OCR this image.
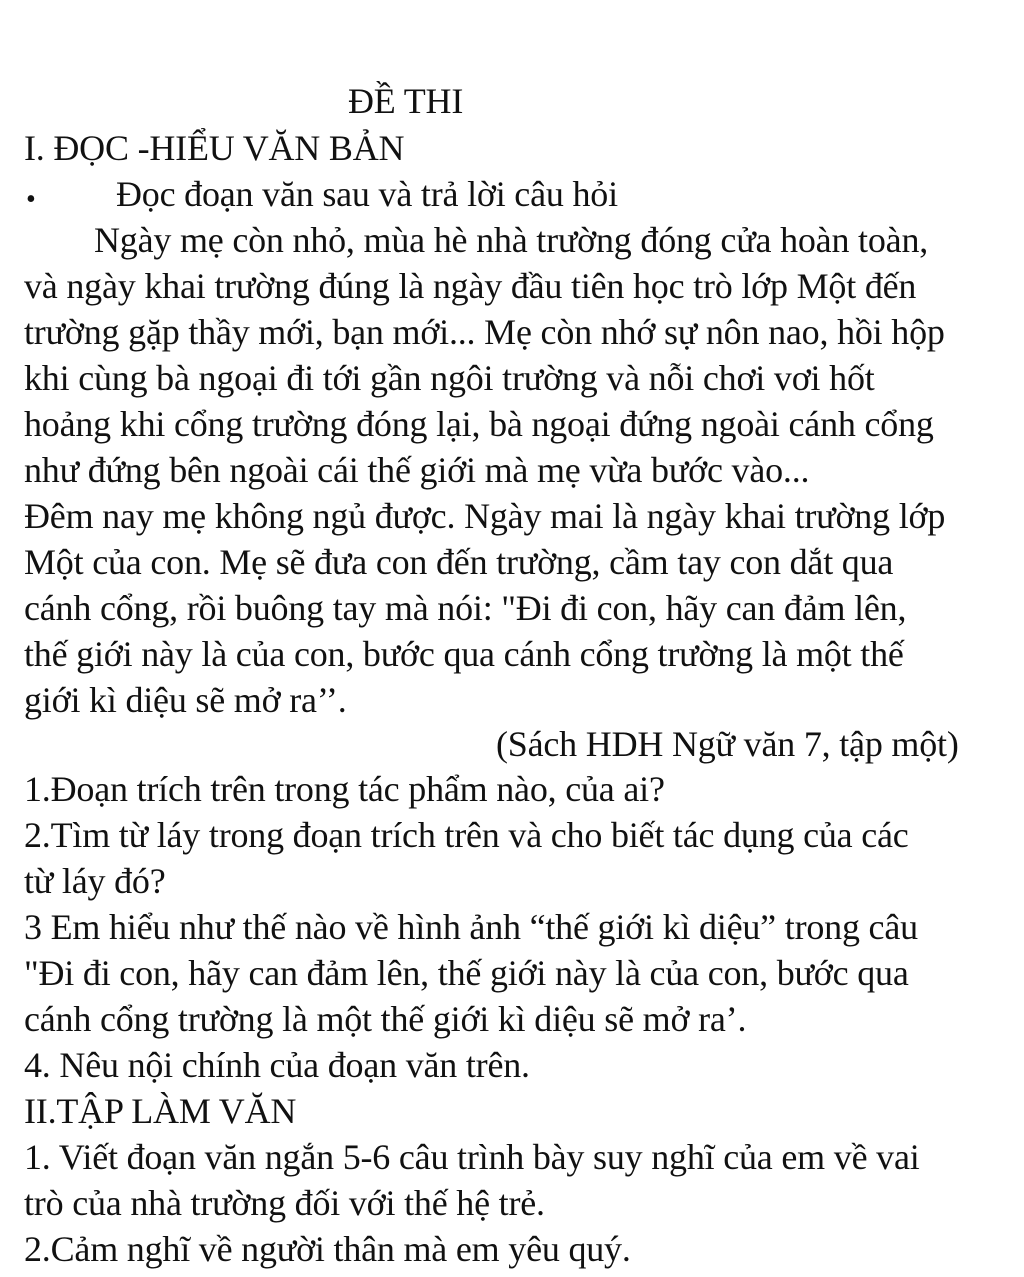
ĐỀ THI
I. ĐỌC -HIỂU VĂN BẢN
• Đọc đoạn văn sau và trả lời câu hỏi
Ngày mẹ còn nhỏ, mùa hè nhà trường đóng cửa hoàn toàn,
và ngày khai trường đúng là ngày đầu tiên học trò lớp Một đến
trường gặp thầy mới, bạn mới... Mẹ còn nhớ sự nôn nao, hồi hộp
khi cùng bà ngoại đi tới gần ngôi trường và nỗi chơi vơi hốt
hoảng khi cổng trường đóng lại, bà ngoại đứng ngoài cánh cổng
như đứng bên ngoài cái thế giới mà mẹ vừa bước vào...
Đêm nay mẹ không ngủ được. Ngày mai là ngày khai trường lớp
Một của con. Mẹ sẽ đưa con đến trường, cầm tay con dắt qua
cánh cổng, rồi buông tay mà nói: "Đi đi con, hãy can đảm lên,
thế giới này là của con, bước qua cánh cổng trường là một thế
giới kì diệu sẽ mở ra’’.
(Sách HDH Ngữ văn 7, tập một)
1.Đoạn trích trên trong tác phẩm nào, của ai?
2.Tìm từ láy trong đoạn trích trên và cho biết tác dụng của các
từ láy đó?
3 Em hiểu như thế nào về hình ảnh “thế giới kì diệu” trong câu
"Đi đi con, hãy can đảm lên, thế giới này là của con, bước qua
cánh cổng trường là một thế giới kì diệu sẽ mở ra’.
4. Nêu nội chính của đoạn văn trên.
II.TẬP LÀM VĂN
1. Viết đoạn văn ngắn 5-6 câu trình bày suy nghĩ của em về vai
trò của nhà trường đối với thế hệ trẻ.
2.Cảm nghĩ về người thân mà em yêu quý.
